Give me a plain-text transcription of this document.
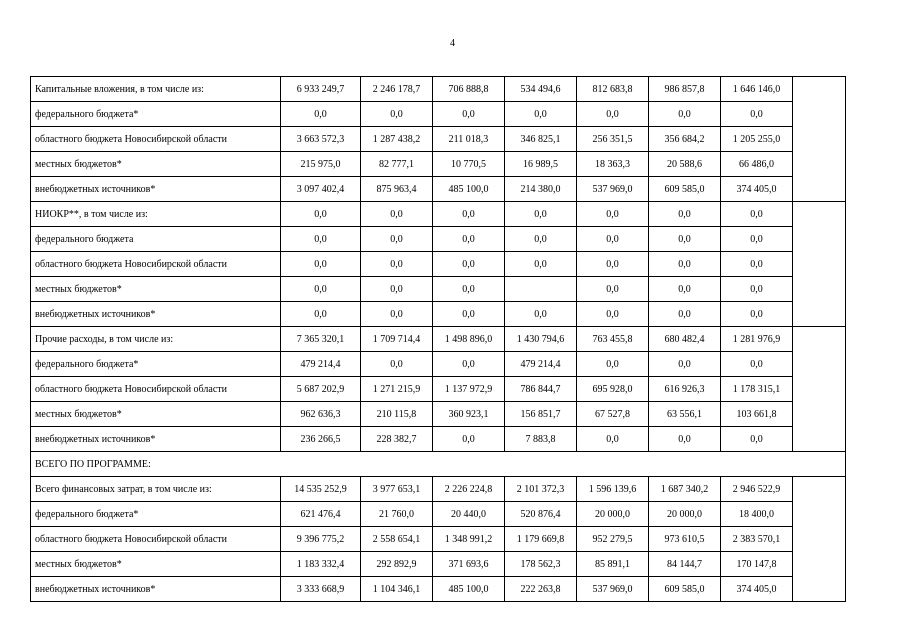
4
Капитальные вложения, в том числе из:	6 933 249,7	2 246 178,7	706 888,8	534 494,6	812 683,8	986 857,8	1 646 146,0	
федерального бюджета*	0,0	0,0	0,0	0,0	0,0	0,0	0,0	
областного бюджета Новосибирской области	3 663 572,3	1 287 438,2	211 018,3	346 825,1	256 351,5	356 684,2	1 205 255,0	
местных бюджетов*	215 975,0	82 777,1	10 770,5	16 989,5	18 363,3	20 588,6	66 486,0	
внебюджетных источников*	3 097 402,4	875 963,4	485 100,0	214 380,0	537 969,0	609 585,0	374 405,0	
НИОКР**, в том числе из:	0,0	0,0	0,0	0,0	0,0	0,0	0,0	
федерального бюджета	0,0	0,0	0,0	0,0	0,0	0,0	0,0	
областного бюджета Новосибирской области	0,0	0,0	0,0	0,0	0,0	0,0	0,0	
местных бюджетов*	0,0	0,0	0,0		0,0	0,0	0,0	
внебюджетных источников*	0,0	0,0	0,0	0,0	0,0	0,0	0,0	
Прочие расходы, в том числе из:	7 365 320,1	1 709 714,4	1 498 896,0	1 430 794,6	763 455,8	680 482,4	1 281 976,9	
федерального бюджета*	479 214,4	0,0	0,0	479 214,4	0,0	0,0	0,0	
областного бюджета Новосибирской области	5 687 202,9	1 271 215,9	1 137 972,9	786 844,7	695 928,0	616 926,3	1 178 315,1	
местных бюджетов*	962 636,3	210 115,8	360 923,1	156 851,7	67 527,8	63 556,1	103 661,8	
внебюджетных источников*	236 266,5	228 382,7	0,0	7 883,8	0,0	0,0	0,0	
ВСЕГО ПО ПРОГРАММЕ:								
Всего финансовых затрат, в том числе из:	14 535 252,9	3 977 653,1	2 226 224,8	2 101 372,3	1 596 139,6	1 687 340,2	2 946 522,9	
федерального бюджета*	621 476,4	21 760,0	20 440,0	520 876,4	20 000,0	20 000,0	18 400,0	
областного бюджета Новосибирской области	9 396 775,2	2 558 654,1	1 348 991,2	1 179 669,8	952 279,5	973 610,5	2 383 570,1	
местных бюджетов*	1 183 332,4	292 892,9	371 693,6	178 562,3	85 891,1	84 144,7	170 147,8	
внебюджетных источников*	3 333 668,9	1 104 346,1	485 100,0	222 263,8	537 969,0	609 585,0	374 405,0	
